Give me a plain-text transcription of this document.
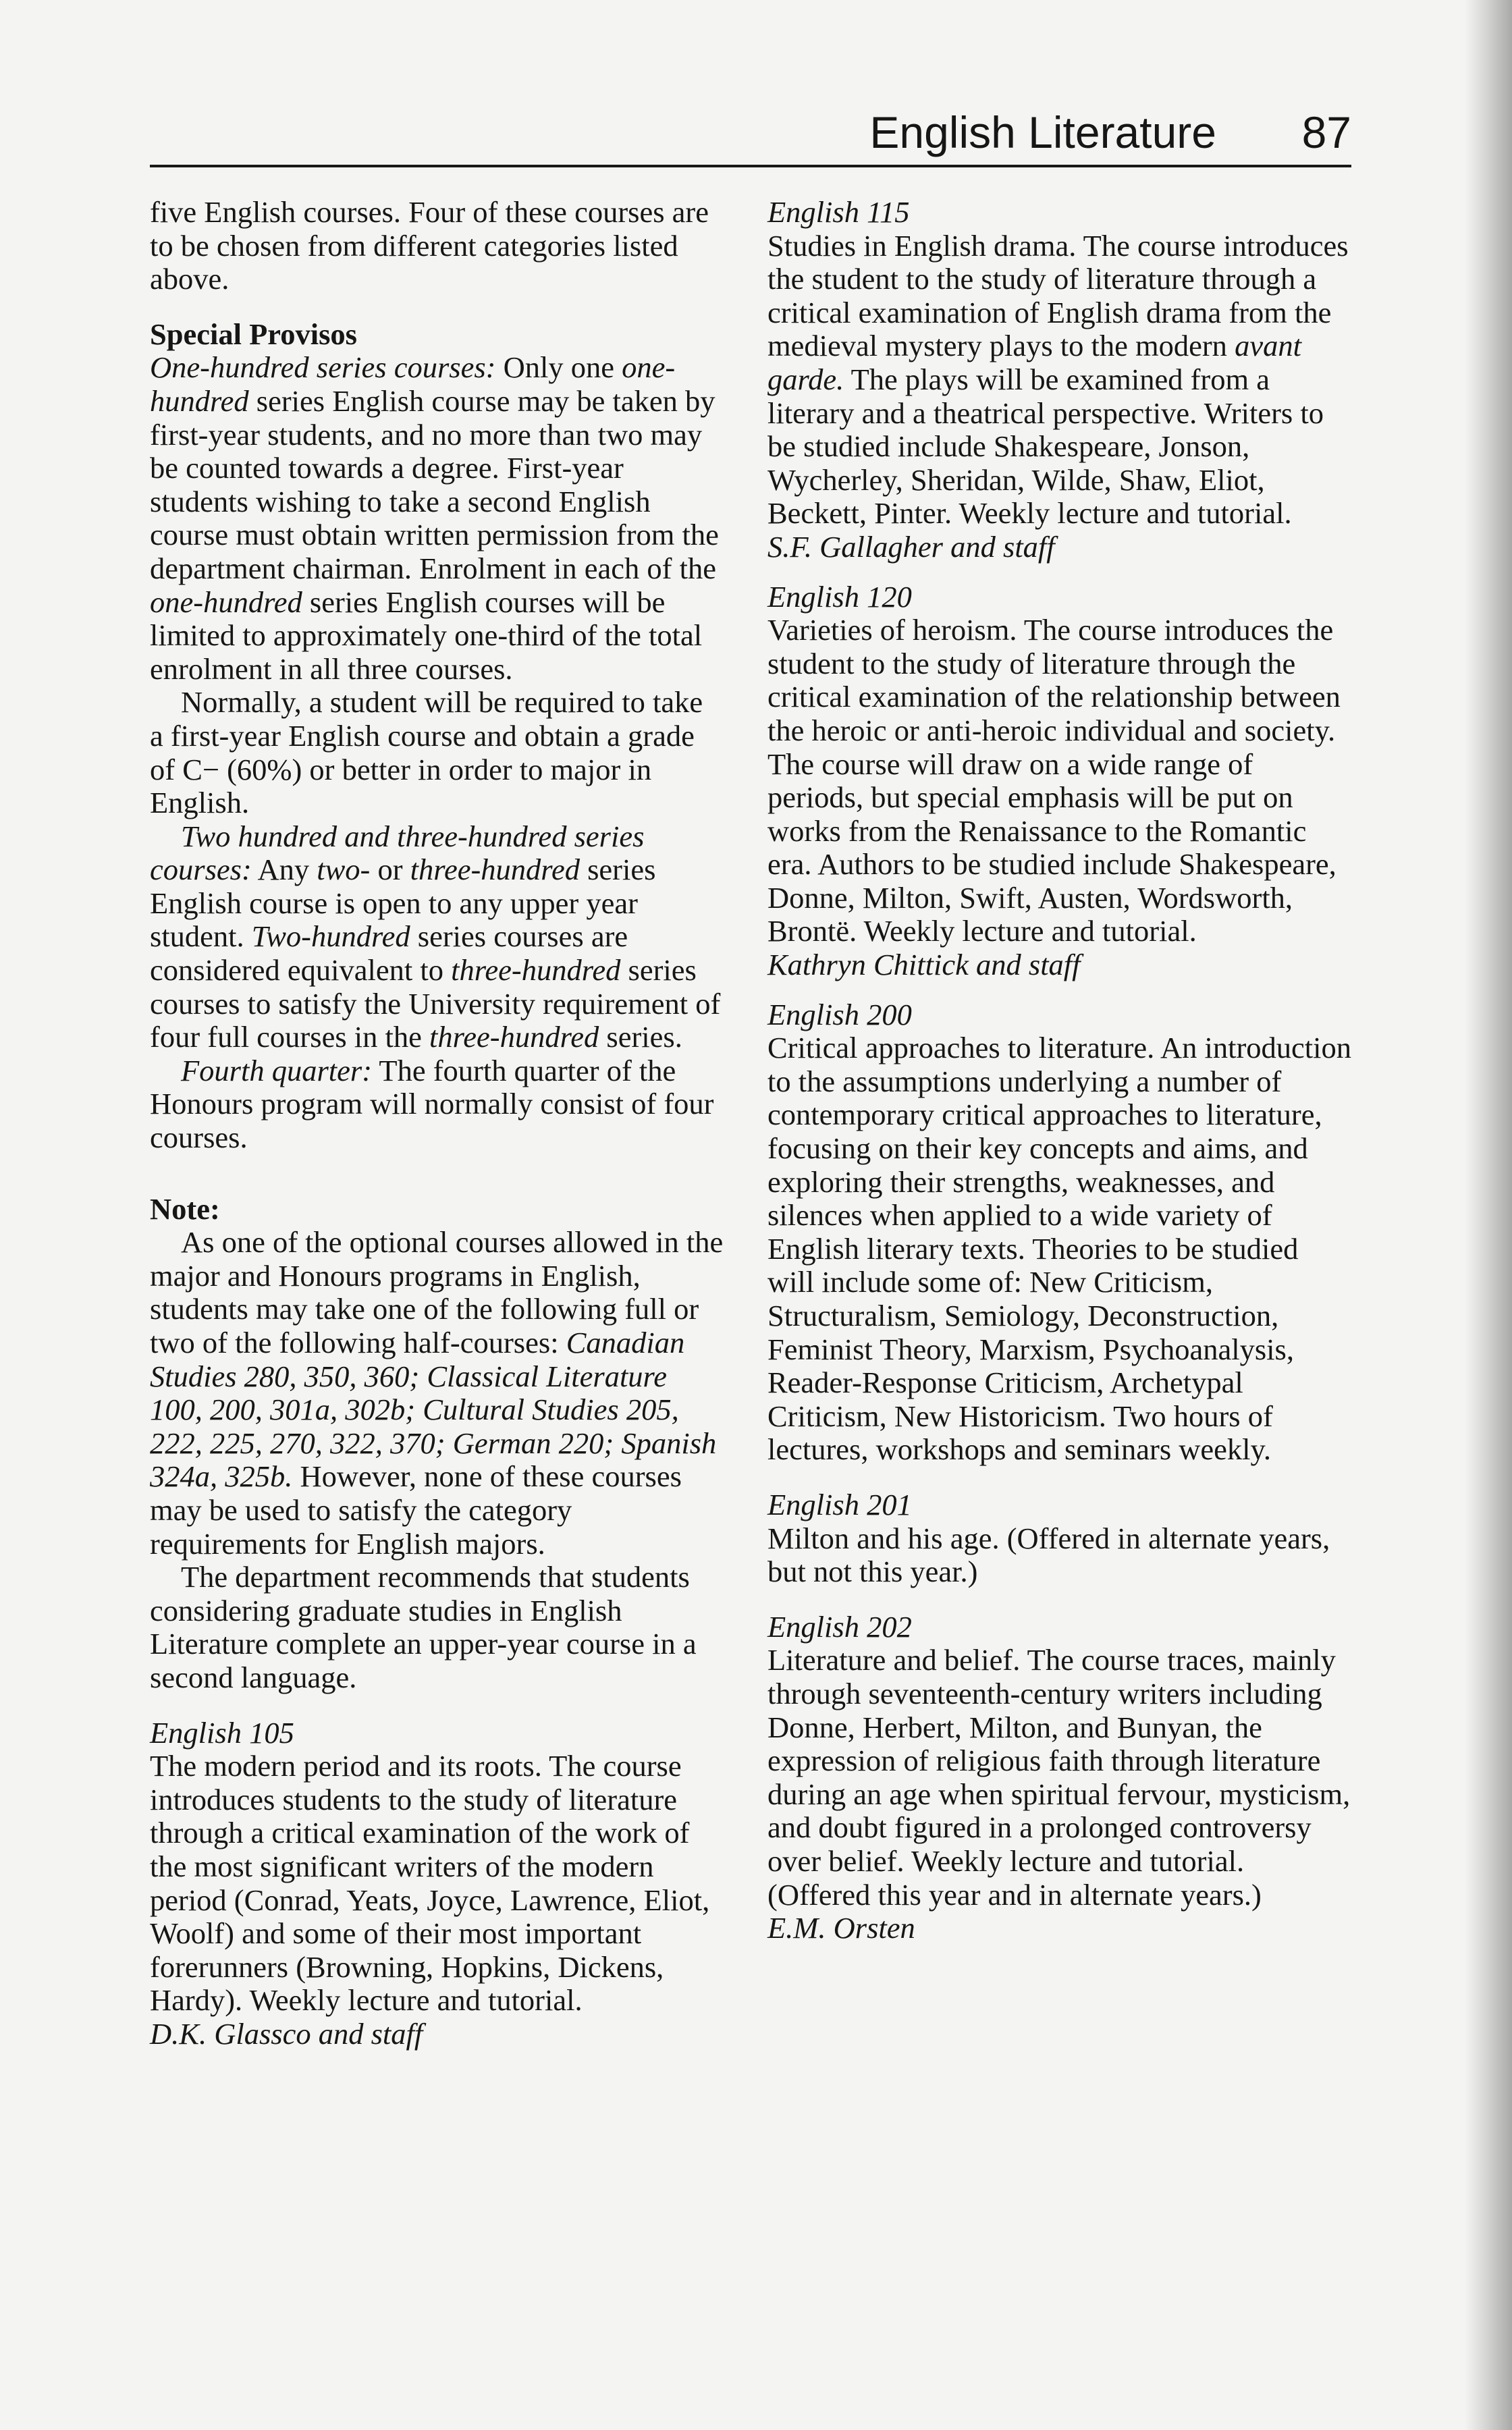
English Literature 87

five English courses. Four of these courses are to be chosen from different categories listed above.

Special Provisos

One-hundred series courses: Only one one-hundred series English course may be taken by first-year students, and no more than two may be counted towards a degree. First-year students wishing to take a second English course must obtain written permission from the department chairman. Enrolment in each of the one-hundred series English courses will be limited to approximately one-third of the total enrolment in all three courses.

Normally, a student will be required to take a first-year English course and obtain a grade of C− (60%) or better in order to major in English.

Two hundred and three-hundred series courses: Any two- or three-hundred series English course is open to any upper year student. Two-hundred series courses are considered equivalent to three-hundred series courses to satisfy the University requirement of four full courses in the three-hundred series.

Fourth quarter: The fourth quarter of the Honours program will normally consist of four courses.

Note:

As one of the optional courses allowed in the major and Honours programs in English, students may take one of the following full or two of the following half-courses: Canadian Studies 280, 350, 360; Classical Literature 100, 200, 301a, 302b; Cultural Studies 205, 222, 225, 270, 322, 370; German 220; Spanish 324a, 325b. However, none of these courses may be used to satisfy the category requirements for English majors.

The department recommends that students considering graduate studies in English Literature complete an upper-year course in a second language.

English 105

The modern period and its roots. The course introduces students to the study of literature through a critical examination of the work of the most significant writers of the modern period (Conrad, Yeats, Joyce, Lawrence, Eliot, Woolf) and some of their most important forerunners (Browning, Hopkins, Dickens, Hardy). Weekly lecture and tutorial.

D.K. Glassco and staff

English 115

Studies in English drama. The course introduces the student to the study of literature through a critical examination of English drama from the medieval mystery plays to the modern avant garde. The plays will be examined from a literary and a theatrical perspective. Writers to be studied include Shakespeare, Jonson, Wycherley, Sheridan, Wilde, Shaw, Eliot, Beckett, Pinter. Weekly lecture and tutorial.

S.F. Gallagher and staff

English 120

Varieties of heroism. The course introduces the student to the study of literature through the critical examination of the relationship between the heroic or anti-heroic individual and society. The course will draw on a wide range of periods, but special emphasis will be put on works from the Renaissance to the Romantic era. Authors to be studied include Shakespeare, Donne, Milton, Swift, Austen, Wordsworth, Brontë. Weekly lecture and tutorial.

Kathryn Chittick and staff

English 200

Critical approaches to literature. An introduction to the assumptions underlying a number of contemporary critical approaches to literature, focusing on their key concepts and aims, and exploring their strengths, weaknesses, and silences when applied to a wide variety of English literary texts. Theories to be studied will include some of: New Criticism, Structuralism, Semiology, Deconstruction, Feminist Theory, Marxism, Psychoanalysis, Reader-Response Criticism, Archetypal Criticism, New Historicism. Two hours of lectures, workshops and seminars weekly.

English 201

Milton and his age. (Offered in alternate years, but not this year.)

English 202

Literature and belief. The course traces, mainly through seventeenth-century writers including Donne, Herbert, Milton, and Bunyan, the expression of religious faith through literature during an age when spiritual fervour, mysticism, and doubt figured in a prolonged controversy over belief. Weekly lecture and tutorial. (Offered this year and in alternate years.)

E.M. Orsten
